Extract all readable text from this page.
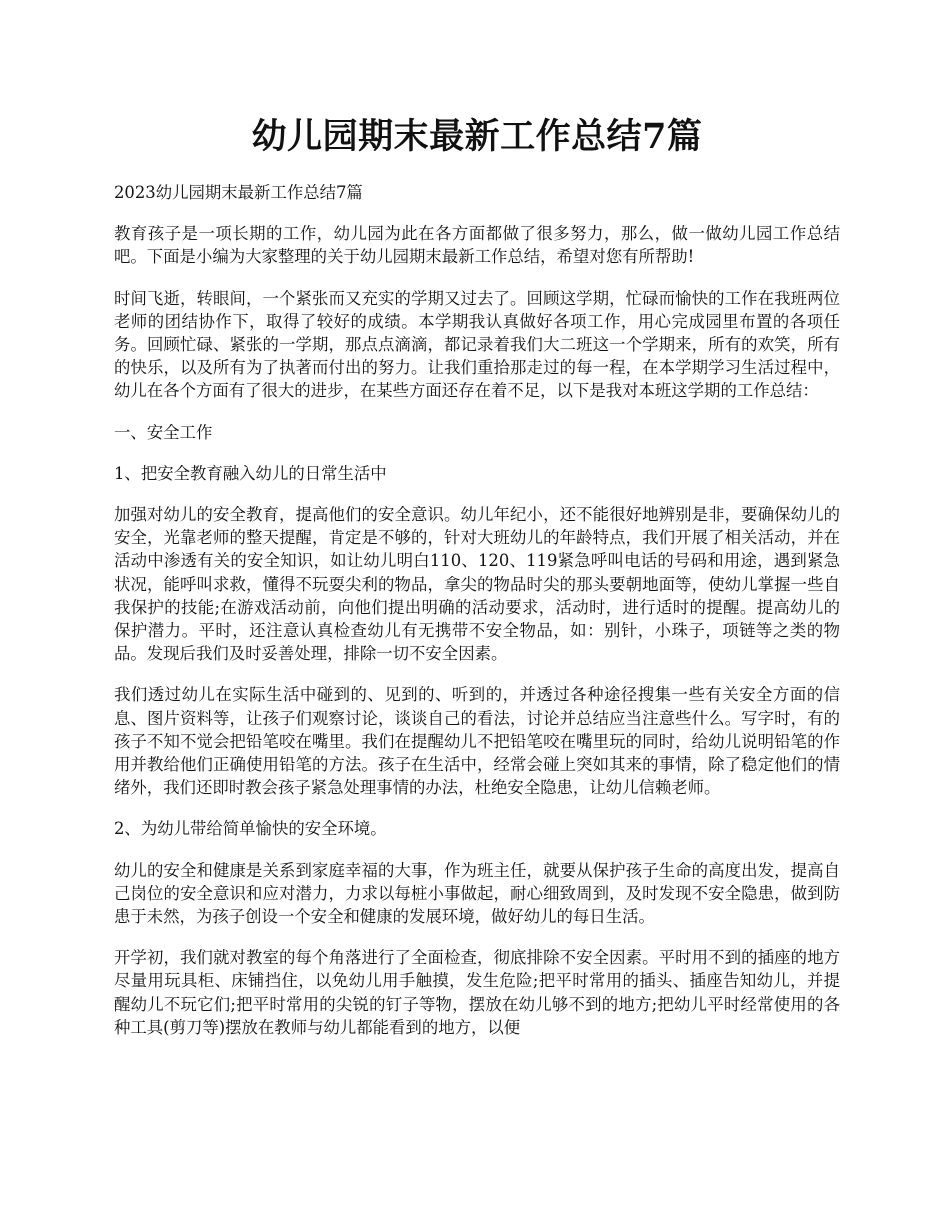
幼儿园期末最新工作总结7篇

2023幼儿园期末最新工作总结7篇

教育孩子是一项长期的工作，幼儿园为此在各方面都做了很多努力，那么，做一做幼儿园工作总结吧。下面是小编为大家整理的关于幼儿园期末最新工作总结，希望对您有所帮助!

时间飞逝，转眼间，一个紧张而又充实的学期又过去了。回顾这学期，忙碌而愉快的工作在我班两位老师的团结协作下，取得了较好的成绩。本学期我认真做好各项工作，用心完成园里布置的各项任务。回顾忙碌、紧张的一学期，那点点滴滴，都记录着我们大二班这一个学期来，所有的欢笑，所有的快乐，以及所有为了执著而付出的努力。让我们重拾那走过的每一程，在本学期学习生活过程中，幼儿在各个方面有了很大的进步，在某些方面还存在着不足，以下是我对本班这学期的工作总结：

一、安全工作

1、把安全教育融入幼儿的日常生活中

加强对幼儿的安全教育，提高他们的安全意识。幼儿年纪小，还不能很好地辨别是非，要确保幼儿的安全，光靠老师的整天提醒，肯定是不够的，针对大班幼儿的年龄特点，我们开展了相关活动，并在活动中渗透有关的安全知识，如让幼儿明白110、120、119紧急呼叫电话的号码和用途，遇到紧急状况，能呼叫求救，懂得不玩耍尖利的物品，拿尖的物品时尖的那头要朝地面等，使幼儿掌握一些自我保护的技能;在游戏活动前，向他们提出明确的活动要求，活动时，进行适时的提醒。提高幼儿的保护潜力。平时，还注意认真检查幼儿有无携带不安全物品，如：别针，小珠子，项链等之类的物品。发现后我们及时妥善处理，排除一切不安全因素。

我们透过幼儿在实际生活中碰到的、见到的、听到的，并透过各种途径搜集一些有关安全方面的信息、图片资料等，让孩子们观察讨论，谈谈自己的看法，讨论并总结应当注意些什么。写字时，有的孩子不知不觉会把铅笔咬在嘴里。我们在提醒幼儿不把铅笔咬在嘴里玩的同时，给幼儿说明铅笔的作用并教给他们正确使用铅笔的方法。孩子在生活中，经常会碰上突如其来的事情，除了稳定他们的情绪外，我们还即时教会孩子紧急处理事情的办法，杜绝安全隐患，让幼儿信赖老师。

2、为幼儿带给简单愉快的安全环境。

幼儿的安全和健康是关系到家庭幸福的大事，作为班主任，就要从保护孩子生命的高度出发，提高自己岗位的安全意识和应对潜力，力求以每桩小事做起，耐心细致周到，及时发现不安全隐患，做到防患于未然，为孩子创设一个安全和健康的发展环境，做好幼儿的每日生活。

开学初，我们就对教室的每个角落进行了全面检查，彻底排除不安全因素。平时用不到的插座的地方尽量用玩具柜、床铺挡住，以免幼儿用手触摸，发生危险;把平时常用的插头、插座告知幼儿，并提醒幼儿不玩它们;把平时常用的尖锐的钉子等物，摆放在幼儿够不到的地方;把幼儿平时经常使用的各种工具(剪刀等)摆放在教师与幼儿都能看到的地方，以便
